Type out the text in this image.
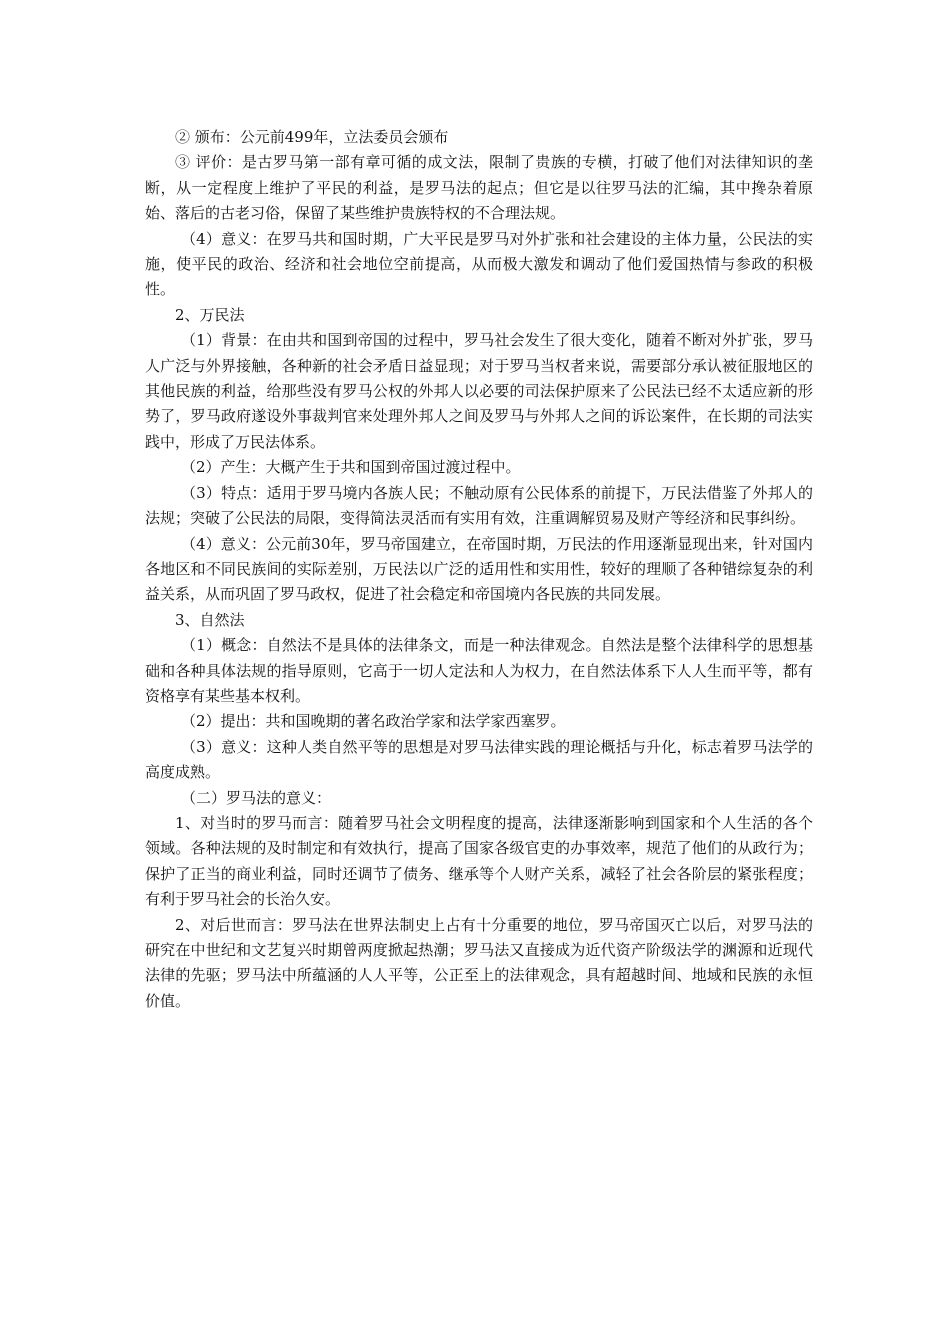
② 颁布：公元前499年，立法委员会颁布

③ 评价：是古罗马第一部有章可循的成文法，限制了贵族的专横，打破了他们对法律知识的垄断，从一定程度上维护了平民的利益，是罗马法的起点；但它是以往罗马法的汇编，其中搀杂着原始、落后的古老习俗，保留了某些维护贵族特权的不合理法规。

（4）意义：在罗马共和国时期，广大平民是罗马对外扩张和社会建设的主体力量，公民法的实施，使平民的政治、经济和社会地位空前提高，从而极大激发和调动了他们爱国热情与参政的积极性。

2、万民法

（1）背景：在由共和国到帝国的过程中，罗马社会发生了很大变化，随着不断对外扩张，罗马人广泛与外界接触，各种新的社会矛盾日益显现；对于罗马当权者来说，需要部分承认被征服地区的其他民族的利益，给那些没有罗马公权的外邦人以必要的司法保护原来了公民法已经不太适应新的形势了，罗马政府遂设外事裁判官来处理外邦人之间及罗马与外邦人之间的诉讼案件，在长期的司法实践中，形成了万民法体系。

（2）产生：大概产生于共和国到帝国过渡过程中。

（3）特点：适用于罗马境内各族人民；不触动原有公民体系的前提下，万民法借鉴了外邦人的法规；突破了公民法的局限，变得简法灵活而有实用有效，注重调解贸易及财产等经济和民事纠纷。

（4）意义：公元前30年，罗马帝国建立，在帝国时期，万民法的作用逐渐显现出来，针对国内各地区和不同民族间的实际差别，万民法以广泛的适用性和实用性，较好的理顺了各种错综复杂的利益关系，从而巩固了罗马政权，促进了社会稳定和帝国境内各民族的共同发展。

3、自然法

（1）概念：自然法不是具体的法律条文，而是一种法律观念。自然法是整个法律科学的思想基础和各种具体法规的指导原则，它高于一切人定法和人为权力，在自然法体系下人人生而平等，都有资格享有某些基本权利。

（2）提出：共和国晚期的著名政治学家和法学家西塞罗。

（3）意义：这种人类自然平等的思想是对罗马法律实践的理论概括与升化，标志着罗马法学的高度成熟。

（二）罗马法的意义：

1、对当时的罗马而言：随着罗马社会文明程度的提高，法律逐渐影响到国家和个人生活的各个领域。各种法规的及时制定和有效执行，提高了国家各级官吏的办事效率，规范了他们的从政行为；保护了正当的商业利益，同时还调节了债务、继承等个人财产关系，减轻了社会各阶层的紧张程度；有利于罗马社会的长治久安。

2、对后世而言：罗马法在世界法制史上占有十分重要的地位，罗马帝国灭亡以后，对罗马法的研究在中世纪和文艺复兴时期曾两度掀起热潮；罗马法又直接成为近代资产阶级法学的渊源和近现代法律的先驱；罗马法中所蕴涵的人人平等，公正至上的法律观念，具有超越时间、地域和民族的永恒价值。
